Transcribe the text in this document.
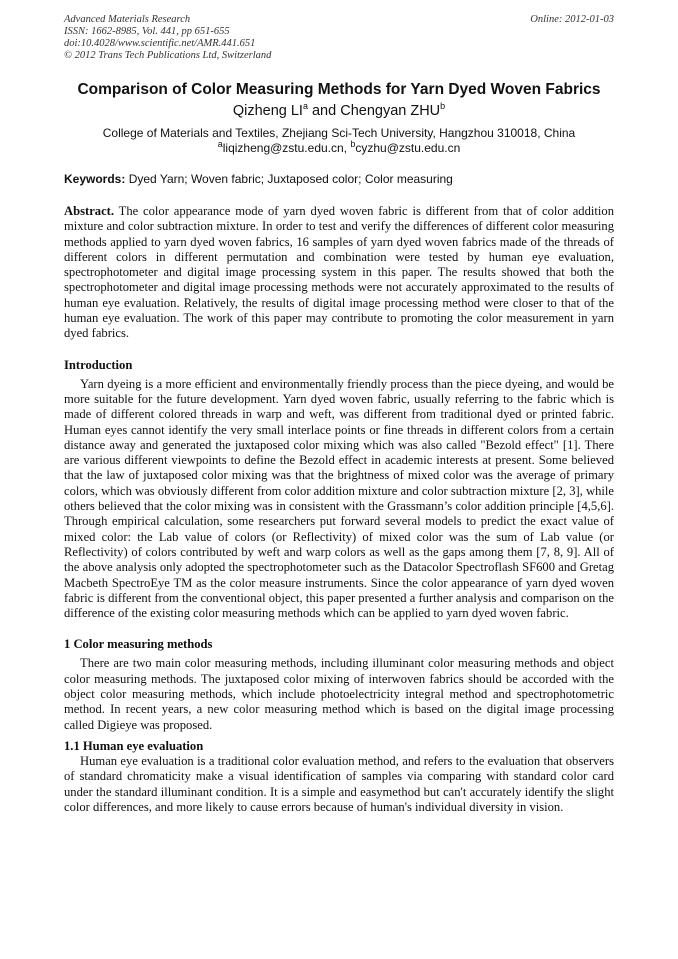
Advanced Materials Research
ISSN: 1662-8985, Vol. 441, pp 651-655
doi:10.4028/www.scientific.net/AMR.441.651
© 2012 Trans Tech Publications Ltd, Switzerland
Online: 2012-01-03
Comparison of Color Measuring Methods for Yarn Dyed Woven Fabrics
Qizheng $LI^a$ and Chengyan ZHU$^b$
College of Materials and Textiles, Zhejiang Sci-Tech University, Hangzhou 310018, China
$^a$liqizheng@zstu.edu.cn, $^b$cyzhu@zstu.edu.cn
Keywords: Dyed Yarn; Woven fabric; Juxtaposed color; Color measuring
Abstract. The color appearance mode of yarn dyed woven fabric is different from that of color addition mixture and color subtraction mixture. In order to test and verify the differences of different color measuring methods applied to yarn dyed woven fabrics, 16 samples of yarn dyed woven fabrics made of the threads of different colors in different permutation and combination were tested by human eye evaluation, spectrophotometer and digital image processing system in this paper. The results showed that both the spectrophotometer and digital image processing methods were not accurately approximated to the results of human eye evaluation. Relatively, the results of digital image processing method were closer to that of the human eye evaluation. The work of this paper may contribute to promoting the color measurement in yarn dyed fabrics.
Introduction
Yarn dyeing is a more efficient and environmentally friendly process than the piece dyeing, and would be more suitable for the future development. Yarn dyed woven fabric, usually referring to the fabric which is made of different colored threads in warp and weft, was different from traditional dyed or printed fabric. Human eyes cannot identify the very small interlace points or fine threads in different colors from a certain distance away and generated the juxtaposed color mixing which was also called "Bezold effect" [1]. There are various different viewpoints to define the Bezold effect in academic interests at present. Some believed that the law of juxtaposed color mixing was that the brightness of mixed color was the average of primary colors, which was obviously different from color addition mixture and color subtraction mixture [2, 3], while others believed that the color mixing was in consistent with the Grassmann’s color addition principle [4,5,6]. Through empirical calculation, some researchers put forward several models to predict the exact value of mixed color: the Lab value of colors (or Reflectivity) of mixed color was the sum of Lab value (or Reflectivity) of colors contributed by weft and warp colors as well as the gaps among them [7, 8, 9]. All of the above analysis only adopted the spectrophotometer such as the Datacolor Spectroflash SF600 and Gretag Macbeth SpectroEye TM as the color measure instruments. Since the color appearance of yarn dyed woven fabric is different from the conventional object, this paper presented a further analysis and comparison on the difference of the existing color measuring methods which can be applied to yarn dyed woven fabric.
1 Color measuring methods
There are two main color measuring methods, including illuminant color measuring methods and object color measuring methods. The juxtaposed color mixing of interwoven fabrics should be accorded with the object color measuring methods, which include photoelectricity integral method and spectrophotometric method. In recent years, a new color measuring method which is based on the digital image processing called Digieye was proposed.
1.1 Human eye evaluation
Human eye evaluation is a traditional color evaluation method, and refers to the evaluation that observers of standard chromaticity make a visual identification of samples via comparing with standard color card under the standard illuminant condition. It is a simple and easymethod but can't accurately identify the slight color differences, and more likely to cause errors because of human's individual diversity in vision.
